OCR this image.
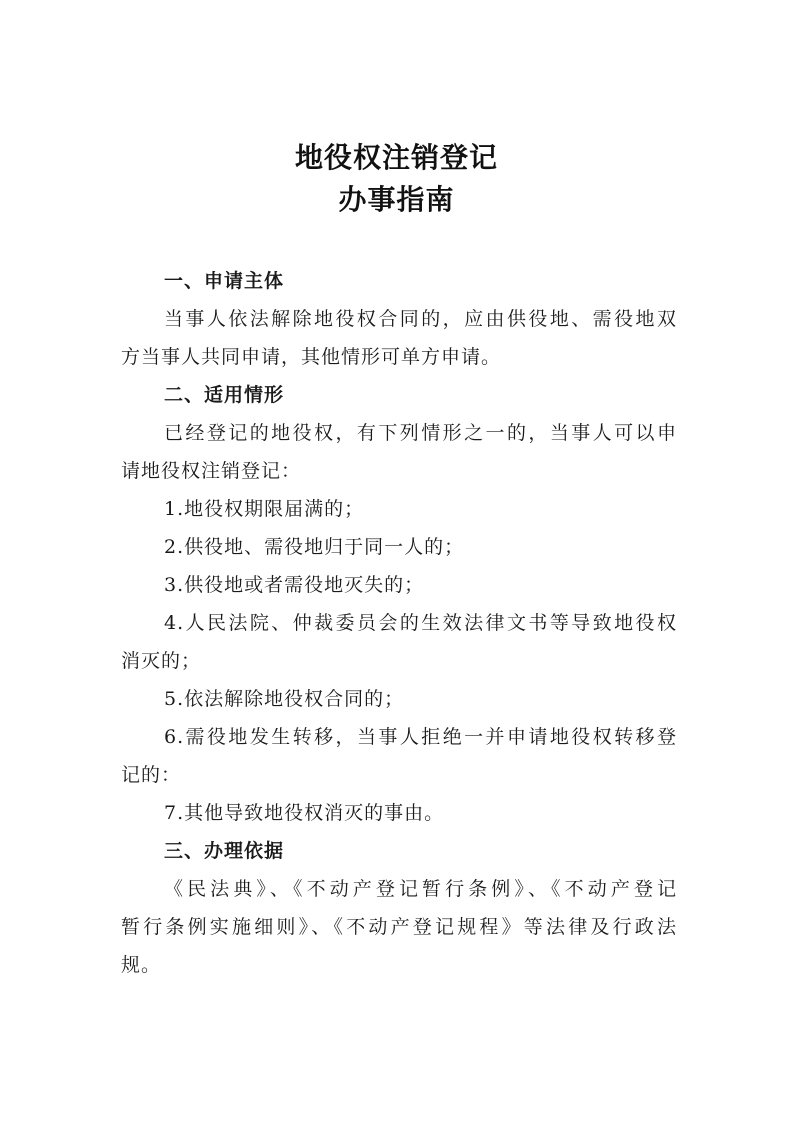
地役权注销登记
办事指南
一、申请主体
当事人依法解除地役权合同的，应由供役地、需役地双
方当事人共同申请，其他情形可单方申请。
二、适用情形
已经登记的地役权，有下列情形之一的，当事人可以申
请地役权注销登记：
1.地役权期限届满的；
2.供役地、需役地归于同一人的；
3.供役地或者需役地灭失的；
4.人民法院、仲裁委员会的生效法律文书等导致地役权
消灭的；
5.依法解除地役权合同的；
6.需役地发生转移，当事人拒绝一并申请地役权转移登
记的：
7.其他导致地役权消灭的事由。
三、办理依据
《民法典》、《不动产登记暂行条例》、《不动产登记
暂行条例实施细则》、《不动产登记规程》等法律及行政法
规。
